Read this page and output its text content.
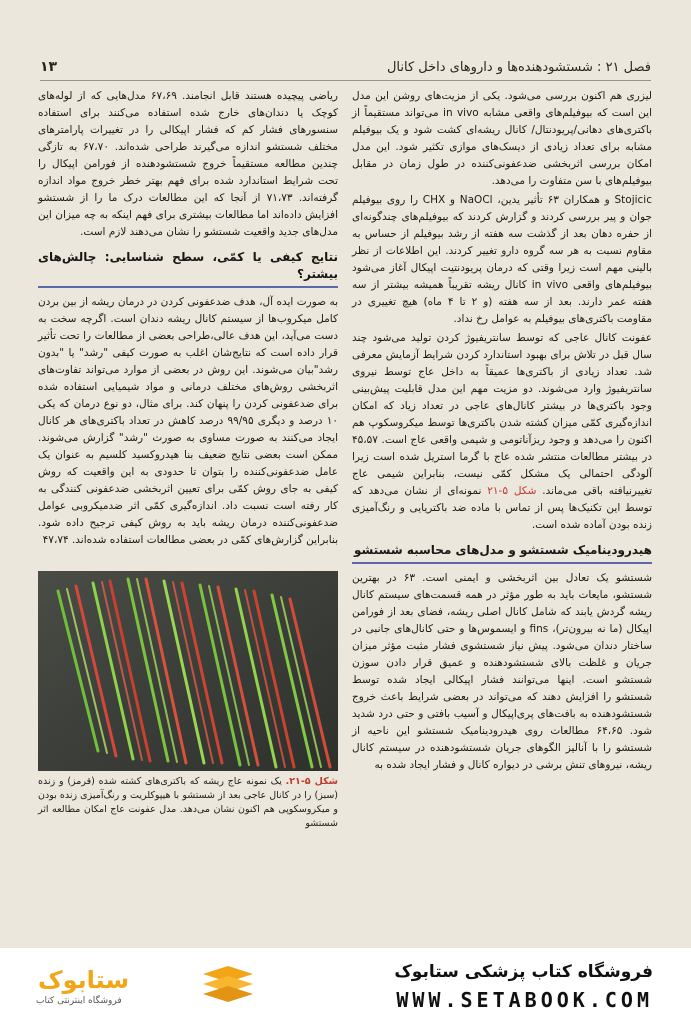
۱۳	فصل ۲۱ : شستشودهنده‌ها و داروهای داخل کانال

لیزری هم اکنون بررسی می‌شود. یکی از مزیت‌های روشن این مدل این است که بیوفیلم‌های واقعی مشابه in vivo می‌تواند مستقیماً از باکتری‌های دهانی/پریودنتال/ کانال ریشه‌ای کشت شود و یک بیوفیلم مشابه برای تعداد زیادی از دیسک‌های موازی تکثیر شود. این مدل امکان بررسی اثربخشی ضدعفونی‌کننده در طول زمان در مقابل بیوفیلم‌های با سن متفاوت را می‌دهد.

Stojicic و همکاران ۶۳ تأثیر یدین، NaOCl و CHX را روی بیوفیلم جوان و پیر بررسی کردند و گزارش کردند که بیوفیلم‌های چندگونه‌ای از حفره دهان بعد از گذشت سه هفته از رشد بیوفیلم از حساس به مقاوم نسبت به هر سه گروه دارو تغییر کردند. این اطلاعات از نظر بالینی مهم است زیرا وقتی که درمان پریودنتیت اپیکال آغاز می‌شود بیوفیلم‌های واقعی in vivo کانال ریشه تقریباً همیشه بیشتر از سه هفته عمر دارند. بعد از سه هفته (و ۲ تا ۴ ماه) هیچ تغییری در مقاومت باکتری‌های بیوفیلم به عوامل رخ نداد.

عفونت کانال عاجی که توسط سانتریفیوژ کردن تولید می‌شود چند سال قبل در تلاش برای بهبود استاندارد کردن شرایط آزمایش معرفی شد. تعداد زیادی از باکتری‌ها عمیقاً به داخل عاج توسط نیروی سانتریفیوژ وارد می‌شوند. دو مزیت مهم این مدل قابلیت پیش‌بینی وجود باکتری‌ها در بیشتر کانال‌های عاجی در تعداد زیاد که امکان اندازه‌گیری کمّی میزان کشته شدن باکتری‌ها توسط میکروسکوپ هم اکنون را می‌دهد و وجود ریزآناتومی و شیمی واقعی عاج است. ۴۵،۵۷ در بیشتر مطالعات منتشر شده عاج با گرما استریل شده است زیرا آلودگی احتمالی یک مشکل کمّی نیست، بنابراین شیمی عاج تغییرنیافته باقی می‌ماند. شکل ۵-۲۱ نمونه‌ای از نشان می‌دهد که توسط این تکنیک‌ها پس از تماس با ماده ضد باکتریایی و رنگ‌آمیزی زنده بودن آماده شده است.

هیدرودینامیک شستشو و مدل‌های محاسبه شستشو

شستشو یک تعادل بین اثربخشی و ایمنی است. ۶۳ در بهترین شستشو، مایعات باید به طور مؤثر در همه قسمت‌های سیستم کانال ریشه گردش یابند که شامل کانال اصلی ریشه، فضای بعد از فورامن اپیکال (ما نه بیرون‌تر)، fins و ایسموس‌ها و حتی کانال‌های جانبی در ساختار دندان می‌شود. پیش نیاز شستشوی فشار مثبت مؤثر میزان جریان و غلظت بالای شستشودهنده و عمیق قرار دادن سوزن شستشو است. اینها می‌توانند فشار اپیکالی ایجاد شده توسط شستشو را افزایش دهند که می‌تواند در بعضی شرایط باعث خروج شستشودهنده به بافت‌های پری‌اپیکال و آسیب بافتی و حتی درد شدید شود. ۶۴،۶۵ مطالعات روی هیدرودینامیک شستشو این ناحیه از شستشو را با آنالیز الگوهای جریان شستشودهنده در سیستم کانال ریشه، نیروهای تنش برشی در دیواره کانال و فشار ایجاد شده به

ریاضی پیچیده هستند قابل انجامند. ۶۷،۶۹ مدل‌هایی که از لوله‌های کوچک یا دندان‌های خارج شده استفاده می‌کنند برای استفاده سنسورهای فشار کم که فشار اپیکالی را در تغییرات پارامترهای مختلف شستشو اندازه می‌گیرند طراحی شده‌اند. ۶۷،۷۰ به تازگی چندین مطالعه مستقیماً خروج شستشودهنده از فورامن اپیکال را تحت شرایط استاندارد شده برای فهم بهتر خطر خروج مواد اندازه گرفته‌اند. ۷۱،۷۳ از آنجا که این مطالعات درک ما را از شستشو افزایش داده‌اند اما مطالعات بیشتری برای فهم اینکه به چه میزان این مدل‌های جدید واقعیت شستشو را نشان می‌دهند لازم است.

نتایج کیفی یا کمّی، سطح شناسایی: چالش‌های بیشتر؟

به صورت ایده آل، هدف ضدعفونی کردن در درمان ریشه از بین بردن کامل میکروب‌ها از سیستم کانال ریشه دندان است. اگرچه سخت به دست می‌آید، این هدف عالی،طراحی بعضی از مطالعات را تحت تأثیر قرار داده است که نتایج‌شان اغلب به صورت کیفی "رشد" یا "بدون رشد"بیان می‌شوند. این روش در بعضی از موارد می‌تواند تفاوت‌های اثربخشی روش‌های مختلف درمانی و مواد شیمیایی استفاده شده برای ضدعفونی کردن را پنهان کند. برای مثال، دو نوع درمان که یکی ۱۰ درصد و دیگری ۹۹/۹۵ درصد کاهش در تعداد باکتری‌های هر کانال ایجاد می‌کنند به صورت مساوی به صورت "رشد" گزارش می‌شوند. ممکن است بعضی نتایج ضعیف بنا هیدروکسید کلسیم به عنوان یک عامل ضدعفونی‌کننده را بتوان تا حدودی به این واقعیت که روش کیفی به جای روش کمّی برای تعیین اثربخشی ضدعفونی کنندگی به کار رفته است نسبت داد. اندازه‌گیری کمّی اثر ضدمیکروبی عوامل ضدعفونی‌کننده درمان ریشه باید به روش کیفی ترجیح داده شود. بنابراین گزارش‌های کمّی در بعضی مطالعات استفاده شده‌اند. ۴۷،۷۴

شکل ۵-۲۱. یک نمونه عاج ریشه که باکتری‌های کشته شده (قرمز) و زنده (سبز) را در کانال عاجی بعد از شستشو با هیپوکلریت و رنگ‌آمیزی زنده بودن و میکروسکوپی هم اکنون نشان می‌دهد. مدل عفونت عاج امکان مطالعه اثر شستشو
ستابوک
فروشگاه اینترنتی کتاب
فروشگاه کتاب پزشکی ستابوک
WWW.SETABOOK.COM
